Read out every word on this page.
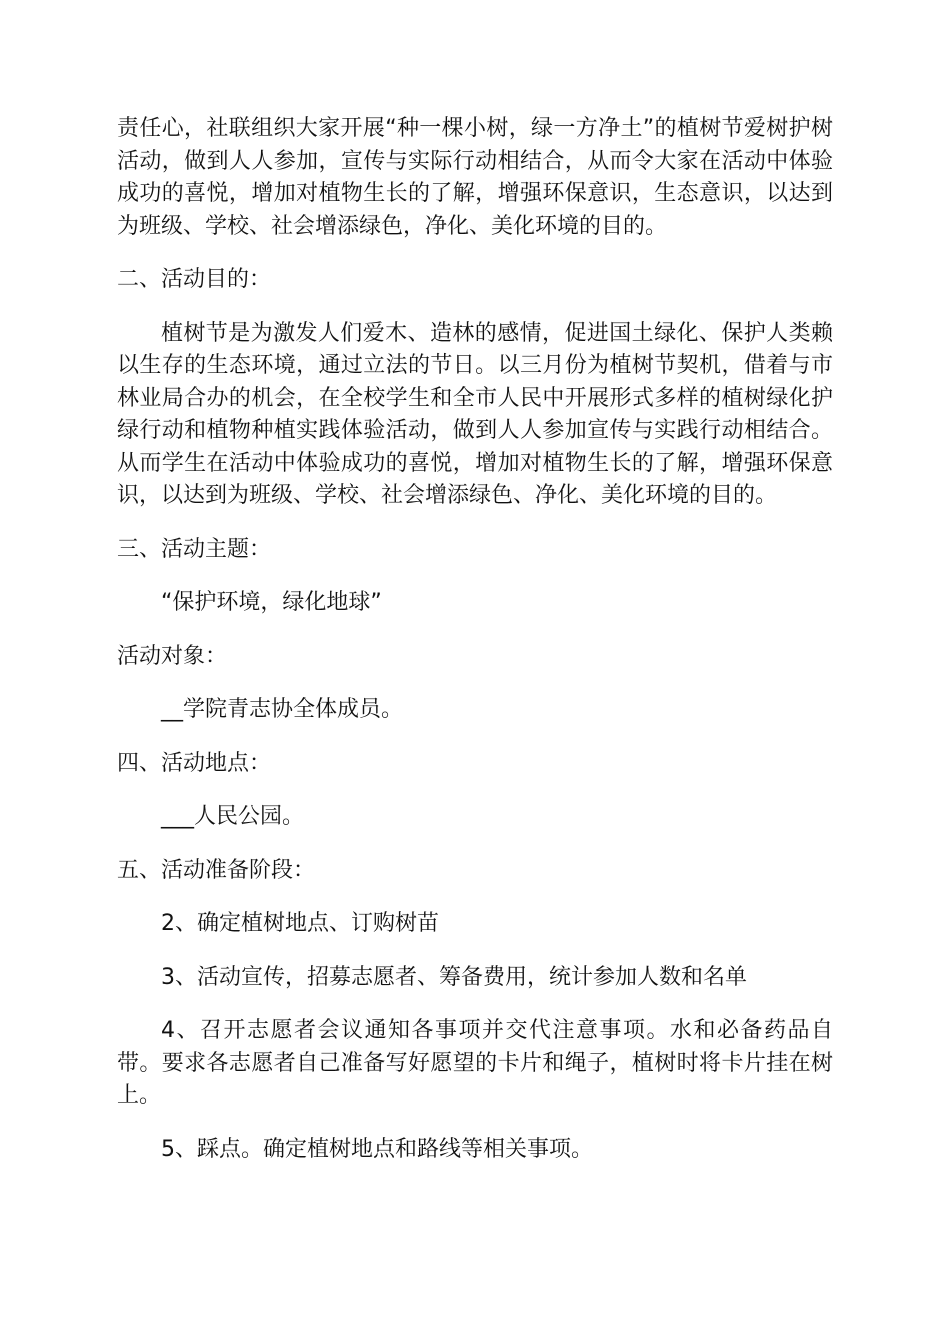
责任心，社联组织大家开展“种一棵小树，绿一方净土”的植树节爱树护树活动，做到人人参加，宣传与实际行动相结合，从而令大家在活动中体验成功的喜悦，增加对植物生长的了解，增强环保意识，生态意识，以达到为班级、学校、社会增添绿色，净化、美化环境的目的。

二、活动目的：

植树节是为激发人们爱木、造林的感情，促进国土绿化、保护人类赖以生存的生态环境，通过立法的节日。以三月份为植树节契机，借着与市林业局合办的机会，在全校学生和全市人民中开展形式多样的植树绿化护绿行动和植物种植实践体验活动，做到人人参加宣传与实践行动相结合。从而学生在活动中体验成功的喜悦，增加对植物生长的了解，增强环保意识，以达到为班级、学校、社会增添绿色、净化、美化环境的目的。

三、活动主题：

“保护环境，绿化地球”

活动对象：

__学院青志协全体成员。

四、活动地点：

___人民公园。

五、活动准备阶段：

2、确定植树地点、订购树苗

3、活动宣传，招募志愿者、筹备费用，统计参加人数和名单

4、召开志愿者会议通知各事项并交代注意事项。水和必备药品自带。要求各志愿者自己准备写好愿望的卡片和绳子，植树时将卡片挂在树上。

5、踩点。确定植树地点和路线等相关事项。
